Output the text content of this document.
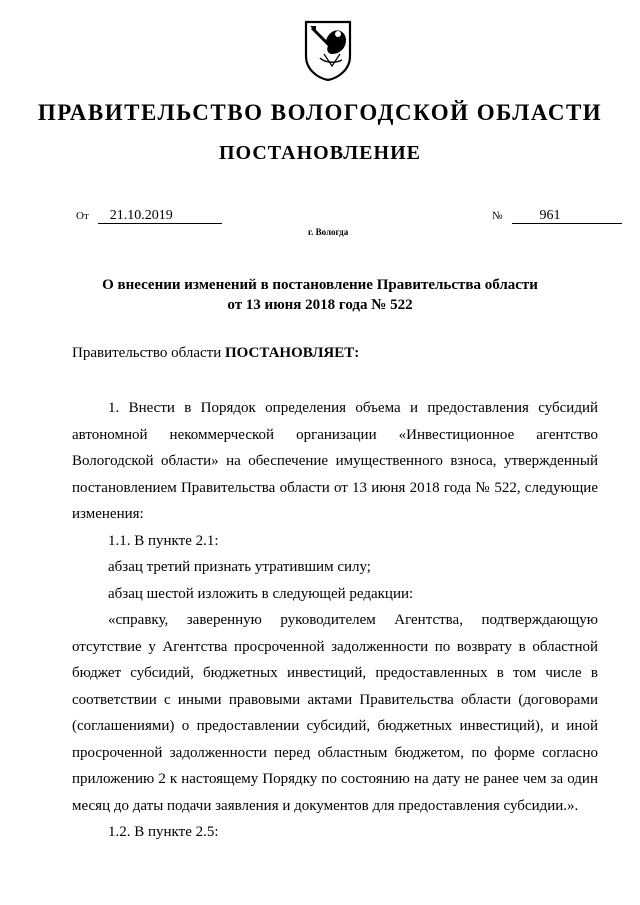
ПРАВИТЕЛЬСТВО ВОЛОГОДСКОЙ ОБЛАСТИ
ПОСТАНОВЛЕНИЕ
От 21.10.2019	№	961
г. Вологда
О внесении изменений в постановление Правительства области
от 13 июня 2018 года № 522
Правительство области ПОСТАНОВЛЯЕТ:

1. Внести в Порядок определения объема и предоставления субсидий автономной некоммерческой организации «Инвестиционное агентство Вологодской области» на обеспечение имущественного взноса, утвержденный постановлением Правительства области от 13 июня 2018 года № 522, следующие изменения:

1.1. В пункте 2.1:

абзац третий признать утратившим силу;

абзац шестой изложить в следующей редакции:

«справку, заверенную руководителем Агентства, подтверждающую отсутствие у Агентства просроченной задолженности по возврату в областной бюджет субсидий, бюджетных инвестиций, предоставленных в том числе в соответствии с иными правовыми актами Правительства области (договорами (соглашениями) о предоставлении субсидий, бюджетных инвестиций), и иной просроченной задолженности перед областным бюджетом, по форме согласно приложению 2 к настоящему Порядку по состоянию на дату не ранее чем за один месяц до даты подачи заявления и документов для предоставления субсидии.».

1.2. В пункте 2.5:
